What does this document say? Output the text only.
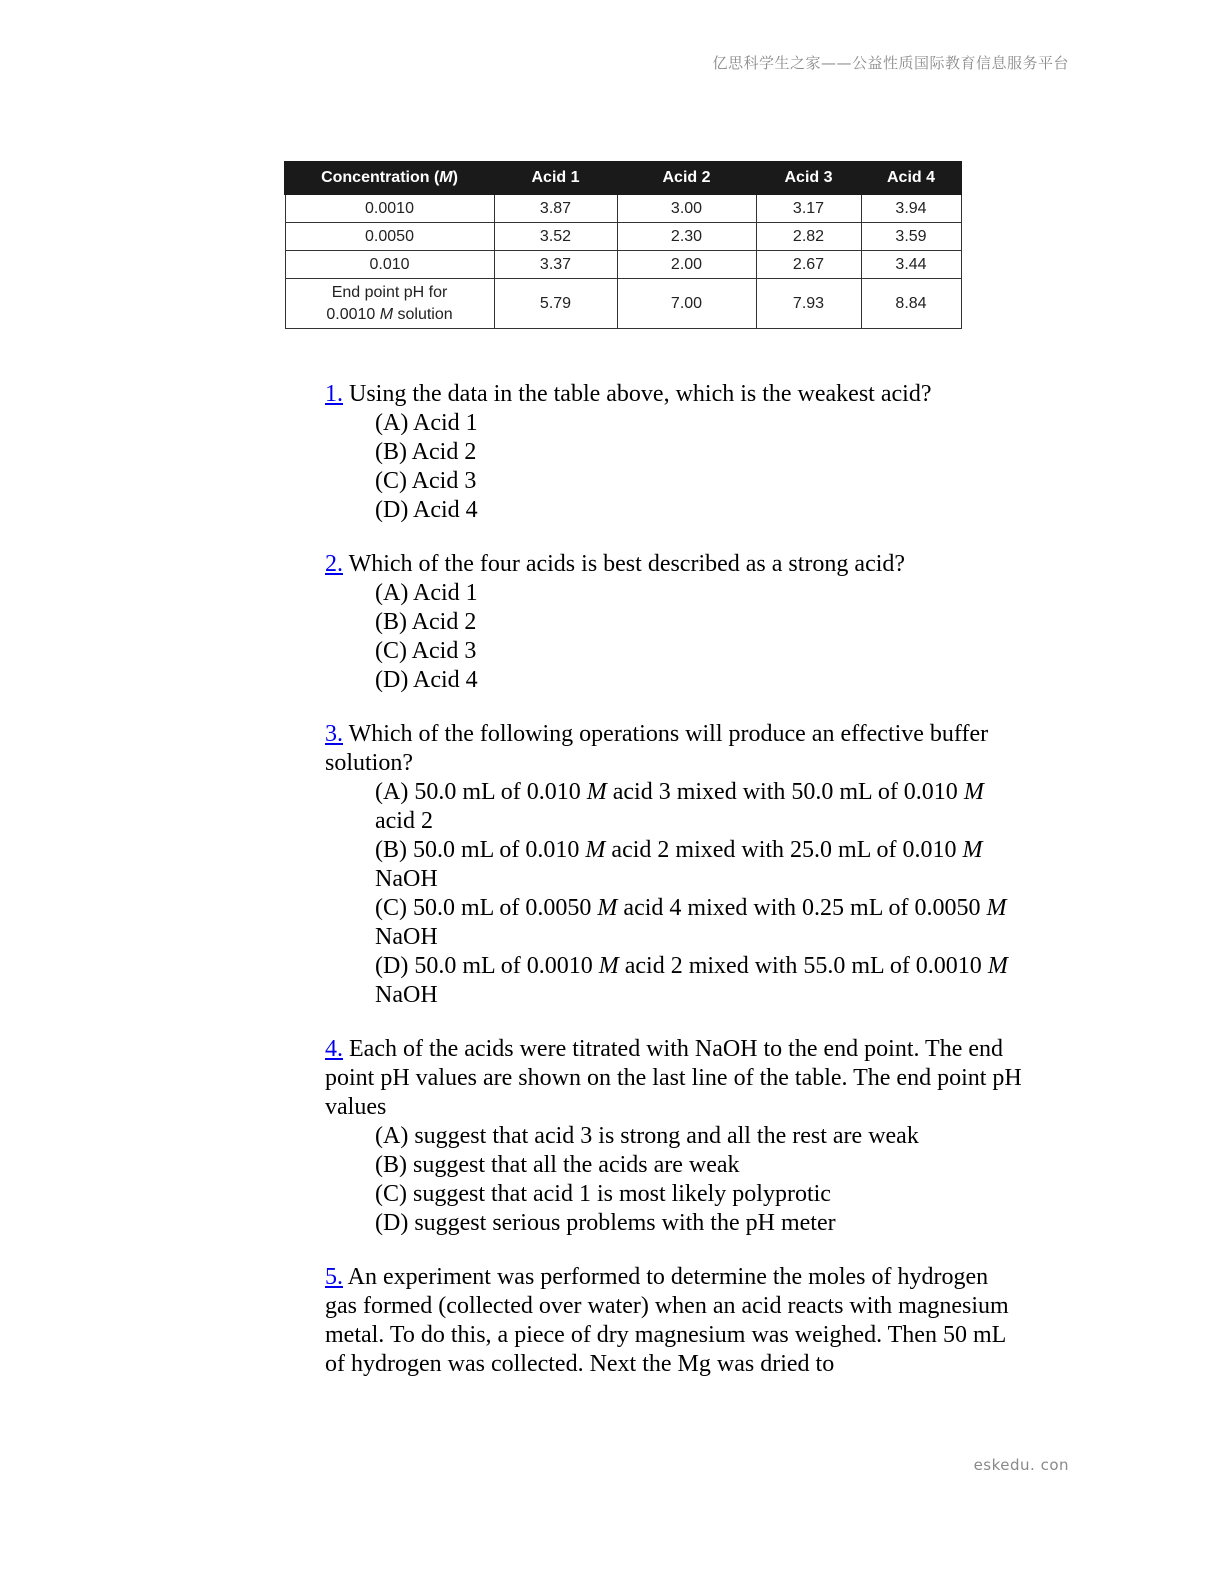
亿思科学生之家——公益性质国际教育信息服务平台
Concentration (M)	Acid 1	Acid 2	Acid 3	Acid 4
0.0010	3.87	3.00	3.17	3.94
0.0050	3.52	2.30	2.82	3.59
0.010	3.37	2.00	2.67	3.44
End point pH for
0.0010 M solution	5.79	7.00	7.93	8.84
1. Using the data in the table above, which is the weakest acid?
(A) Acid 1
(B) Acid 2
(C) Acid 3
(D) Acid 4
2. Which of the four acids is best described as a strong acid?
(A) Acid 1
(B) Acid 2
(C) Acid 3
(D) Acid 4
3. Which of the following operations will produce an effective buffer solution?
(A) 50.0 mL of 0.010 M acid 3 mixed with 50.0 mL of 0.010 M acid 2
(B) 50.0 mL of 0.010 M acid 2 mixed with 25.0 mL of 0.010 M NaOH
(C) 50.0 mL of 0.0050 M acid 4 mixed with 0.25 mL of 0.0050 M NaOH
(D) 50.0 mL of 0.0010 M acid 2 mixed with 55.0 mL of 0.0010 M NaOH
4. Each of the acids were titrated with NaOH to the end point. The end point pH values are shown on the last line of the table. The end point pH values
(A) suggest that acid 3 is strong and all the rest are weak
(B) suggest that all the acids are weak
(C) suggest that acid 1 is most likely polyprotic
(D) suggest serious problems with the pH meter
5. An experiment was performed to determine the moles of hydrogen gas formed (collected over water) when an acid reacts with magnesium metal. To do this, a piece of dry magnesium was weighed. Then 50 mL of hydrogen was collected. Next the Mg was dried to
eskedu. con
